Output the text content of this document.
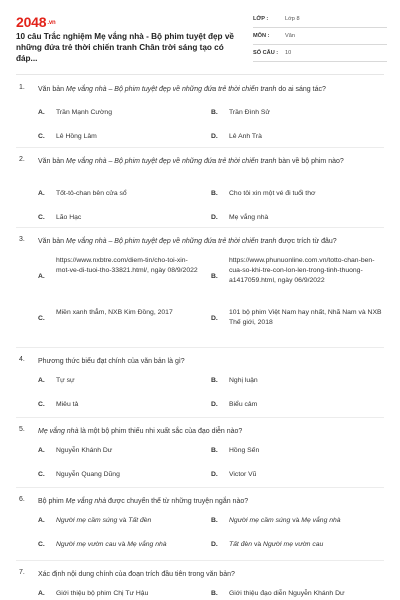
2048.vn
10 câu Trắc nghiệm Mẹ vắng nhà - Bộ phim tuyệt đẹp về những đứa trẻ thời chiến tranh Chân trời sáng tạo có đáp...
LỚP :	Lớp 8
MÔN :	Văn
SỐ CÂU : 10
1. Văn bản Mẹ vắng nhà – Bộ phim tuyệt đẹp về những đứa trẻ thời chiến tranh do ai sáng tác?
A. Trần Mạnh Cường	B. Trần Đình Sử
C. Lê Hồng Lâm	D. Lê Anh Trà
2. Văn bản Mẹ vắng nhà – Bộ phim tuyệt đẹp về những đứa trẻ thời chiến tranh bàn về bộ phim nào?
A. Tốt-tô-chan bên cửa sổ	B. Cho tôi xin một vé đi tuổi thơ
C. Lão Hạc	D. Mẹ vắng nhà
3. Văn bản Mẹ vắng nhà – Bộ phim tuyệt đẹp về những đứa trẻ thời chiến tranh được trích từ đâu?
A.
https://www.nxbtre.com/diem-tin/cho-toi-xin-mot-ve-di-tuoi-tho-33821.html/, ngày 08/9/2022
B.
https://www.phunuonline.com.vn/totto-chan-ben-cua-so-khi-tre-con-lon-len-trong-tinh-thuong-a1417059.html, ngày 06/9/2022
C.
Miền xanh thẳm, NXB Kim Đồng, 2017
D.
101 bộ phim Việt Nam hay nhất, Nhã Nam và NXB Thế giới, 2018
4. Phương thức biểu đạt chính của văn bản là gì?
A. Tự sự	B. Nghị luận
C. Miêu tả	D. Biểu cảm
5. Mẹ vắng nhà là một bộ phim thiếu nhi xuất sắc của đạo diễn nào?
A. Nguyễn Khánh Dư	B. Hồng Sến
C. Nguyễn Quang Dũng	D. Victor Vũ
6. Bộ phim Mẹ vắng nhà được chuyển thể từ những truyện ngắn nào?
A. Người mẹ cầm súng và Tất đèn	B. Người mẹ cầm súng và Mẹ vắng nhà
C. Người mẹ vườn cau và Mẹ vắng nhà	D. Tất đèn và Người mẹ vườn cau
7. Xác định nội dung chính của đoạn trích đầu tiên trong văn bản?
A. Giới thiệu bộ phim Chị Tư Hậu	B. Giới thiệu đạo diễn Nguyễn Khánh Dư
